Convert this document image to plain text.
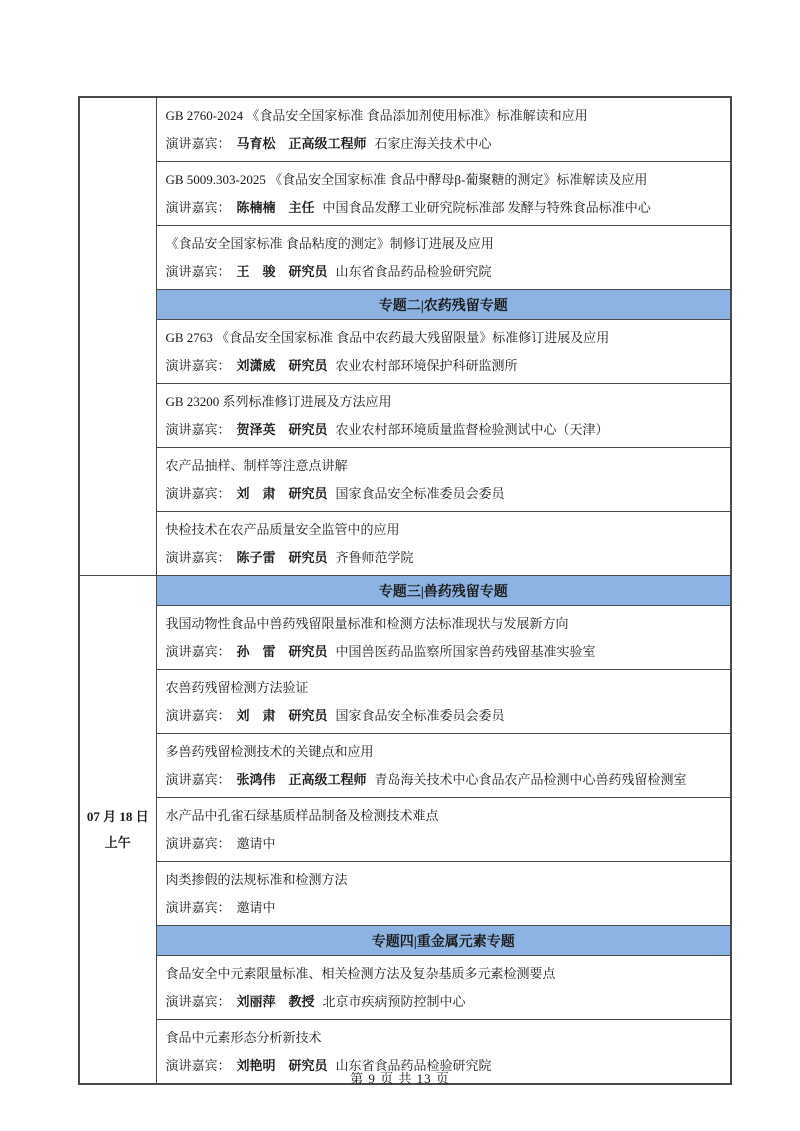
	GB 2760-2024 《食品安全国家标准 食品添加剂使用标准》标准解读和应用
演讲嘉宾： 马育松 正高级工程师 石家庄海关技术中心

	GB 5009.303-2025 《食品安全国家标准 食品中酵母β-葡聚糖的测定》标准解读及应用
演讲嘉宾： 陈楠楠 主任 中国食品发酵工业研究院标准部 发酵与特殊食品标准中心

	《食品安全国家标准 食品粘度的测定》制修订进展及应用
演讲嘉宾： 王　骏 研究员 山东省食品药品检验研究院

	专题二|农药残留专题

	GB 2763 《食品安全国家标准 食品中农药最大残留限量》标准修订进展及应用
演讲嘉宾： 刘潇威 研究员 农业农村部环境保护科研监测所

	GB 23200 系列标准修订进展及方法应用
演讲嘉宾： 贺泽英 研究员 农业农村部环境质量监督检验测试中心（天津）

	农产品抽样、制样等注意点讲解
演讲嘉宾： 刘　肃 研究员 国家食品安全标准委员会委员

	快检技术在农产品质量安全监管中的应用
演讲嘉宾： 陈子雷 研究员 齐鲁师范学院

07 月 18 日
上午	专题三|兽药残留专题

	我国动物性食品中兽药残留限量标准和检测方法标准现状与发展新方向
演讲嘉宾： 孙　雷 研究员 中国兽医药品监察所国家兽药残留基准实验室

	农兽药残留检测方法验证
演讲嘉宾： 刘　肃 研究员 国家食品安全标准委员会委员

	多兽药残留检测技术的关键点和应用
演讲嘉宾： 张鸿伟 正高级工程师 青岛海关技术中心食品农产品检测中心兽药残留检测室

	水产品中孔雀石绿基质样品制备及检测技术难点
演讲嘉宾： 邀请中

	肉类掺假的法规标准和检测方法
演讲嘉宾： 邀请中

	专题四|重金属元素专题

	食品安全中元素限量标准、相关检测方法及复杂基质多元素检测要点
演讲嘉宾： 刘丽萍 教授 北京市疾病预防控制中心

	食品中元素形态分析新技术
演讲嘉宾： 刘艳明 研究员 山东省食品药品检验研究院
第 9 页 共 13 页
